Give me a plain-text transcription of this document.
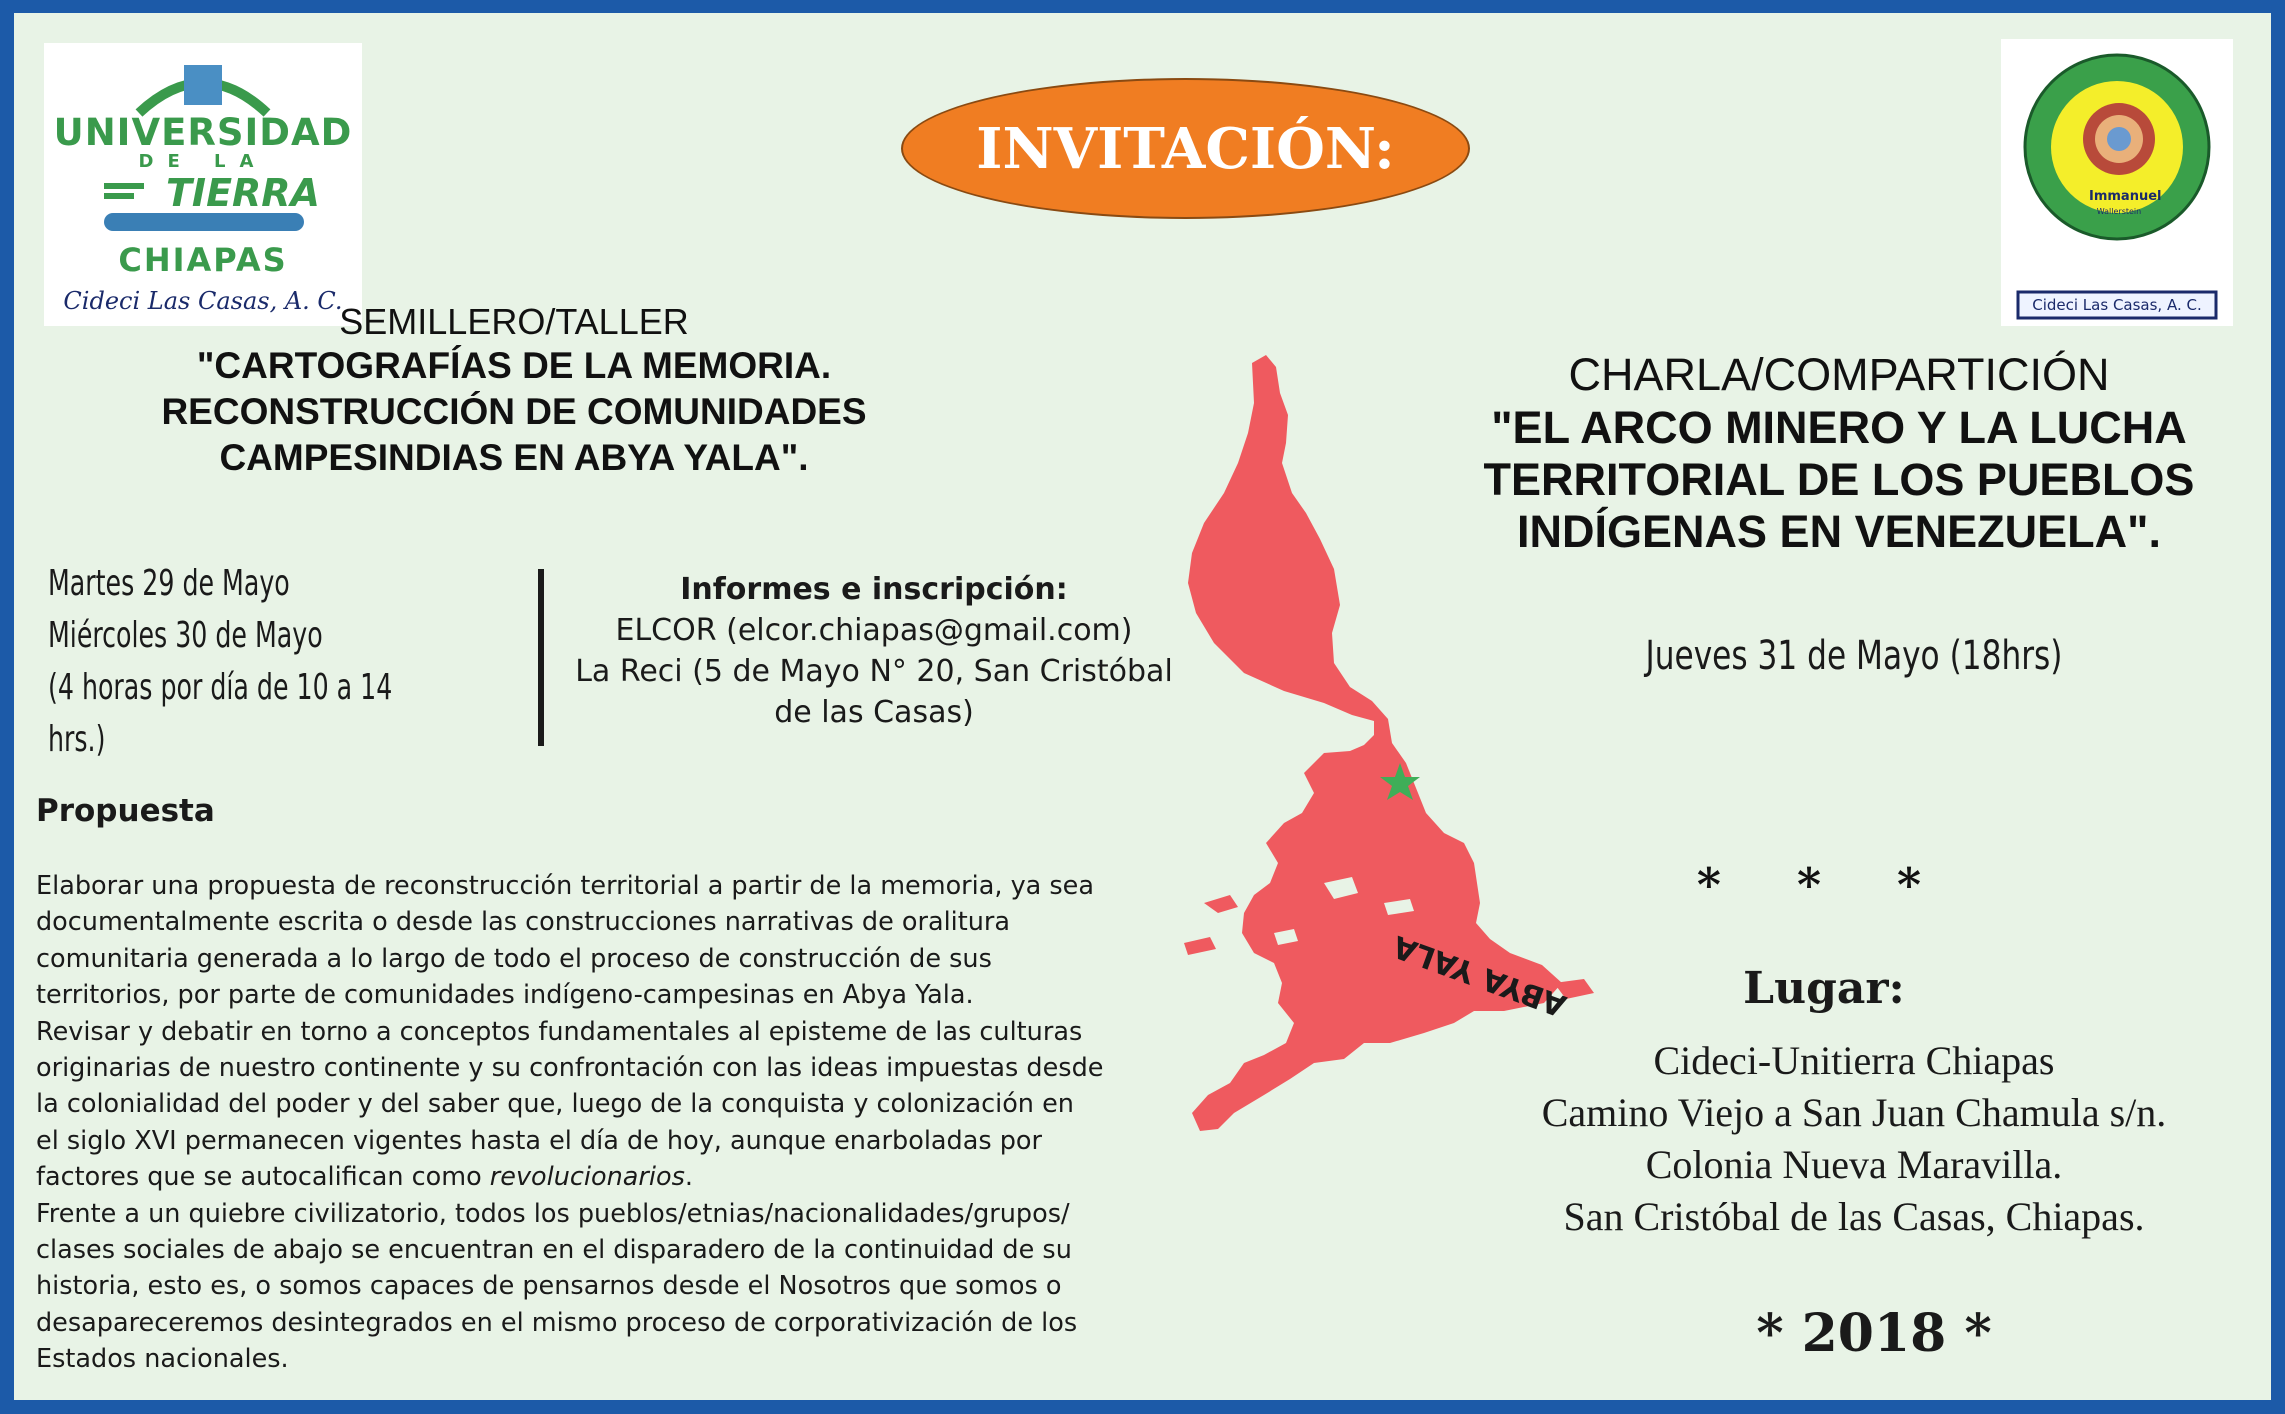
UNIVERSIDAD
DE LA
TIERRA
CHIAPAS
Cideci Las Casas, A. C.
Immanuel
Wallerstein
Cideci Las Casas, A. C.
INVITACIÓN:
SEMILLERO/TALLER
"CARTOGRAFÍAS DE LA MEMORIA.
RECONSTRUCCIÓN DE COMUNIDADES
CAMPESINDIAS EN ABYA YALA".
Martes 29 de Mayo
Miércoles 30 de Mayo
(4 horas por día de 10 a 14 hrs.)
ABYA YALA
Informes e inscripción:
ELCOR (elcor.chiapas@gmail.com)
La Reci (5 de Mayo N° 20, San Cristóbal
de las Casas)
Propuesta

Elaborar una propuesta de reconstrucción territorial a partir de la memoria, ya sea

documentalmente escrita o desde las construcciones narrativas de oralitura

comunitaria generada a lo largo de todo el proceso de construcción de sus

territorios, por parte de comunidades indígeno-campesinas en Abya Yala.

Revisar y debatir en torno a conceptos fundamentales al episteme de las culturas

originarias de nuestro continente y su confrontación con las ideas impuestas desde

la colonialidad del poder y del saber que, luego de la conquista y colonización en

el siglo XVI permanecen vigentes hasta el día de hoy, aunque enarboladas por

factores que se autocalifican como revolucionarios.

Frente a un quiebre civilizatorio, todos los pueblos/etnias/nacionalidades/grupos/

clases sociales de abajo se encuentran en el disparadero de la continuidad de su

historia, esto es, o somos capaces de pensarnos desde el Nosotros que somos o

desapareceremos desintegrados en el mismo proceso de corporativización de los

Estados nacionales.

CHARLA/COMPARTICIÓN
"EL ARCO MINERO Y LA LUCHA
TERRITORIAL DE LOS PUEBLOS
INDÍGENAS EN VENEZUELA".
Jueves 31 de Mayo (18hrs)
* * *
Lugar:
Cideci-Unitierra Chiapas
Camino Viejo a San Juan Chamula s/n.
Colonia Nueva Maravilla.
San Cristóbal de las Casas, Chiapas.
* 2018 *
